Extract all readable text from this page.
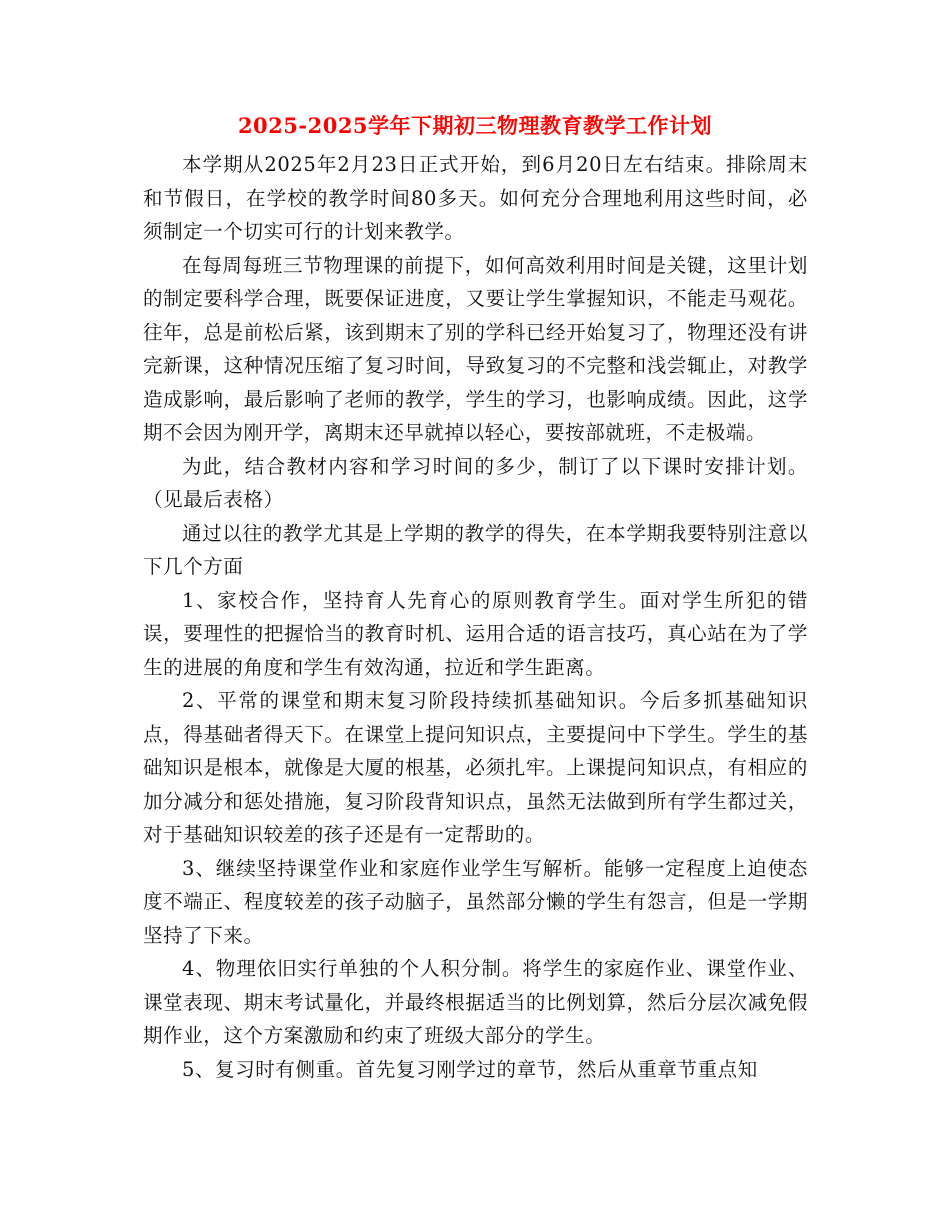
2025-2025学年下期初三物理教育教学工作计划

本学期从2025年2月23日正式开始，到6月20日左右结束。排除周末和节假日，在学校的教学时间80多天。如何充分合理地利用这些时间，必须制定一个切实可行的计划来教学。

在每周每班三节物理课的前提下，如何高效利用时间是关键，这里计划的制定要科学合理，既要保证进度，又要让学生掌握知识，不能走马观花。往年，总是前松后紧，该到期末了别的学科已经开始复习了，物理还没有讲完新课，这种情况压缩了复习时间，导致复习的不完整和浅尝辄止，对教学造成影响，最后影响了老师的教学，学生的学习，也影响成绩。因此，这学期不会因为刚开学，离期末还早就掉以轻心，要按部就班，不走极端。

为此，结合教材内容和学习时间的多少，制订了以下课时安排计划。（见最后表格）

通过以往的教学尤其是上学期的教学的得失，在本学期我要特别注意以下几个方面

1、家校合作，坚持育人先育心的原则教育学生。面对学生所犯的错误，要理性的把握恰当的教育时机、运用合适的语言技巧，真心站在为了学生的进展的角度和学生有效沟通，拉近和学生距离。

2、平常的课堂和期末复习阶段持续抓基础知识。今后多抓基础知识点，得基础者得天下。在课堂上提问知识点，主要提问中下学生。学生的基础知识是根本，就像是大厦的根基，必须扎牢。上课提问知识点，有相应的加分减分和惩处措施，复习阶段背知识点，虽然无法做到所有学生都过关，对于基础知识较差的孩子还是有一定帮助的。

3、继续坚持课堂作业和家庭作业学生写解析。能够一定程度上迫使态度不端正、程度较差的孩子动脑子，虽然部分懒的学生有怨言，但是一学期坚持了下来。

4、物理依旧实行单独的个人积分制。将学生的家庭作业、课堂作业、课堂表现、期末考试量化，并最终根据适当的比例划算，然后分层次减免假期作业，这个方案激励和约束了班级大部分的学生。

5、复习时有侧重。首先复习刚学过的章节，然后从重章节重点知
